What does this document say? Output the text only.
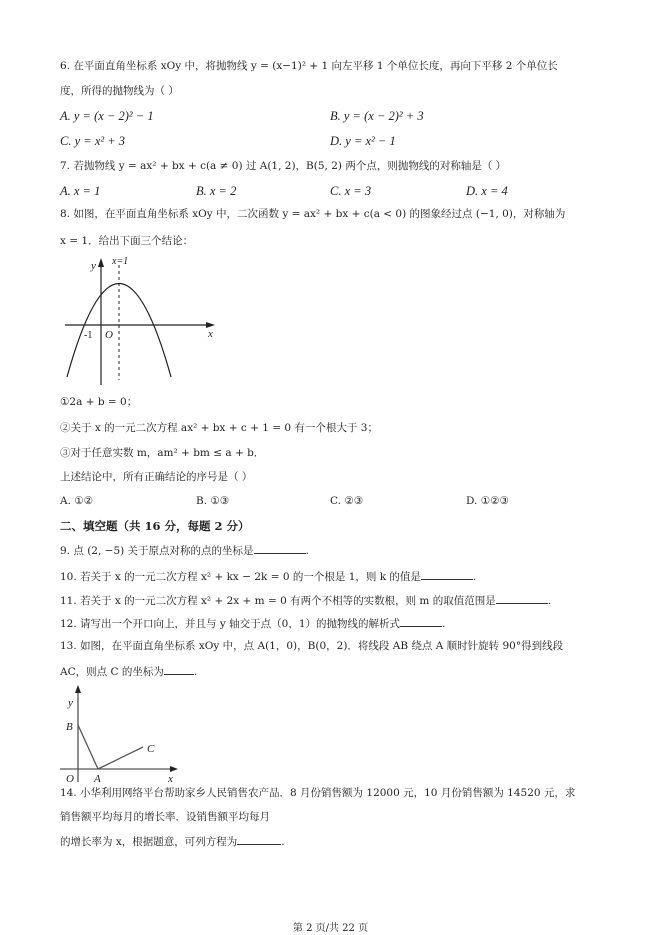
6. 在平面直角坐标系 xOy 中，将抛物线 y = (x−1)² + 1 向左平移 1 个单位长度，再向下平移 2 个单位长
度，所得的抛物线为（ ）
A. y = (x − 2)² − 1	B. y = (x − 2)² + 3
C. y = x² + 3	D. y = x² − 1
7. 若抛物线 y = ax² + bx + c(a ≠ 0) 过 A(1, 2)，B(5, 2) 两个点，则抛物线的对称轴是（ ）
A. x = 1	B. x = 2	C. x = 3	D. x = 4
8. 如图，在平面直角坐标系 xOy 中，二次函数 y = ax² + bx + c(a < 0) 的图象经过点 (−1, 0)，对称轴为
x = 1．给出下面三个结论：
y x=1
x
O
-1
①2a + b = 0；
②关于 x 的一元二次方程 ax² + bx + c + 1 = 0 有一个根大于 3；
③对于任意实数 m，am² + bm ≤ a + b．
上述结论中，所有正确结论的序号是（ ）
A. ①②	B. ①③	C. ②③	D. ①②③
二、填空题（共 16 分，每题 2 分）
9. 点 (2, −5) 关于原点对称的点的坐标是	.
10. 若关于 x 的一元二次方程 x² + kx − 2k = 0 的一个根是 1，则 k 的值是	.
11. 若关于 x 的一元二次方程 x² + 2x + m = 0 有两个不相等的实数根，则 m 的取值范围是	.
12. 请写出一个开口向上，并且与 y 轴交于点（0，1）的抛物线的解析式	.
13. 如图，在平面直角坐标系 xOy 中，点 A(1，0)，B(0，2)．将线段 AB 绕点 A 顺时针旋转 90°得到线段
AC，则点 C 的坐标为	.
y
B
C
A
O	x
14. 小华利用网络平台帮助家乡人民销售农产品．8 月份销售额为 12000 元，10 月份销售额为 14520 元，求
销售额平均每月的增长率．设销售额平均每月
的增长率为 x，根据题意，可列方程为	.
第 2 页/共 22 页
